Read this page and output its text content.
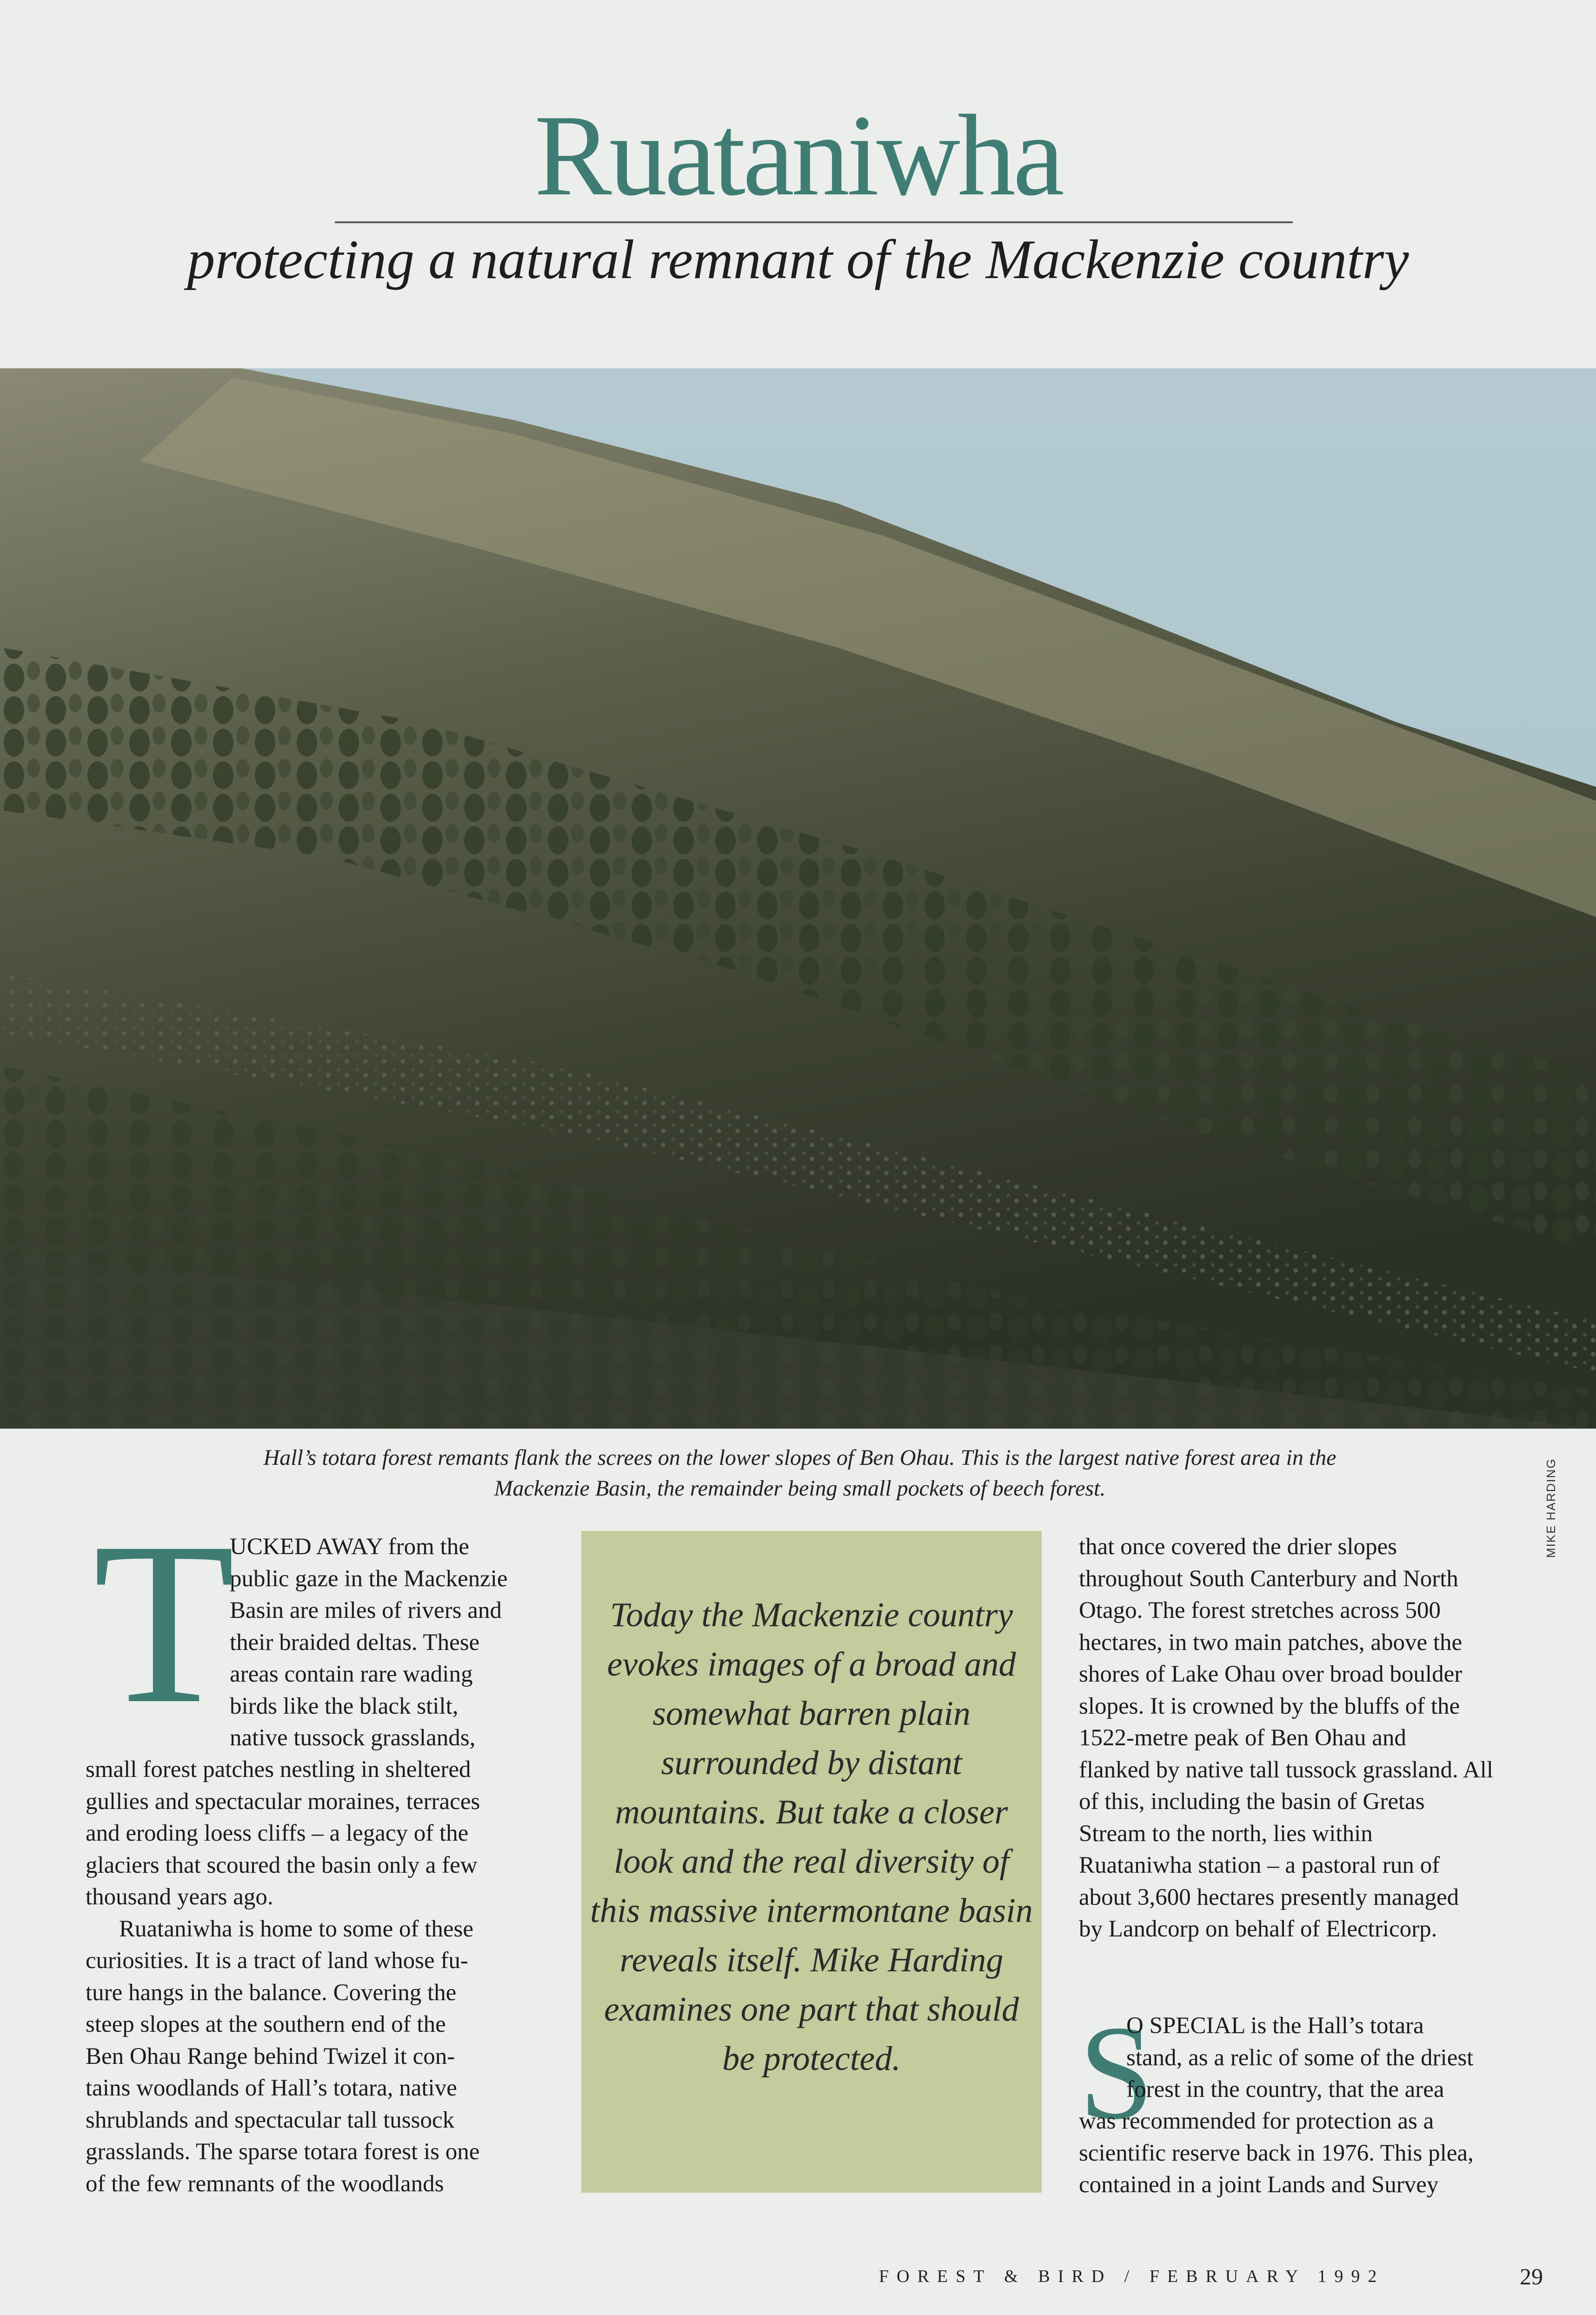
Ruataniwha
protecting a natural remnant of the Mackenzie country
Hall’s totara forest remants flank the screes on the lower slopes of Ben Ohau. This is the largest native forest area in the
Mackenzie Basin, the remainder being small pockets of beech forest.	MIKE HARDING
T
UCKED AWAY from the
public gaze in the Mackenzie
Basin are miles of rivers and
their braided deltas. These
areas contain rare wading
birds like the black stilt,
native tussock grasslands,
small forest patches nestling in sheltered
gullies and spectacular moraines, terraces
and eroding loess cliffs – a legacy of the
glaciers that scoured the basin only a few
thousand years ago.
Ruataniwha is home to some of these
curiosities. It is a tract of land whose fu-
ture hangs in the balance. Covering the
steep slopes at the southern end of the
Ben Ohau Range behind Twizel it con-
tains woodlands of Hall’s totara, native
shrublands and spectacular tall tussock
grasslands. The sparse totara forest is one
of the few remnants of the woodlands
Today the Mackenzie country
evokes images of a broad and
somewhat barren plain
surrounded by distant
mountains. But take a closer
look and the real diversity of
this massive intermontane basin
reveals itself. Mike Harding
examines one part that should
be protected.
that once covered the drier slopes
throughout South Canterbury and North
Otago. The forest stretches across 500
hectares, in two main patches, above the
shores of Lake Ohau over broad boulder
slopes. It is crowned by the bluffs of the
1522-metre peak of Ben Ohau and
flanked by native tall tussock grassland. All
of this, including the basin of Gretas
Stream to the north, lies within
Ruataniwha station – a pastoral run of
about 3,600 hectares presently managed
by Landcorp on behalf of Electricorp.
S
O SPECIAL is the Hall’s totara
stand, as a relic of some of the driest
forest in the country, that the area
was recommended for protection as a
scientific reserve back in 1976. This plea,
contained in a joint Lands and Survey
FOREST & BIRD / FEBRUARY 1992	29
